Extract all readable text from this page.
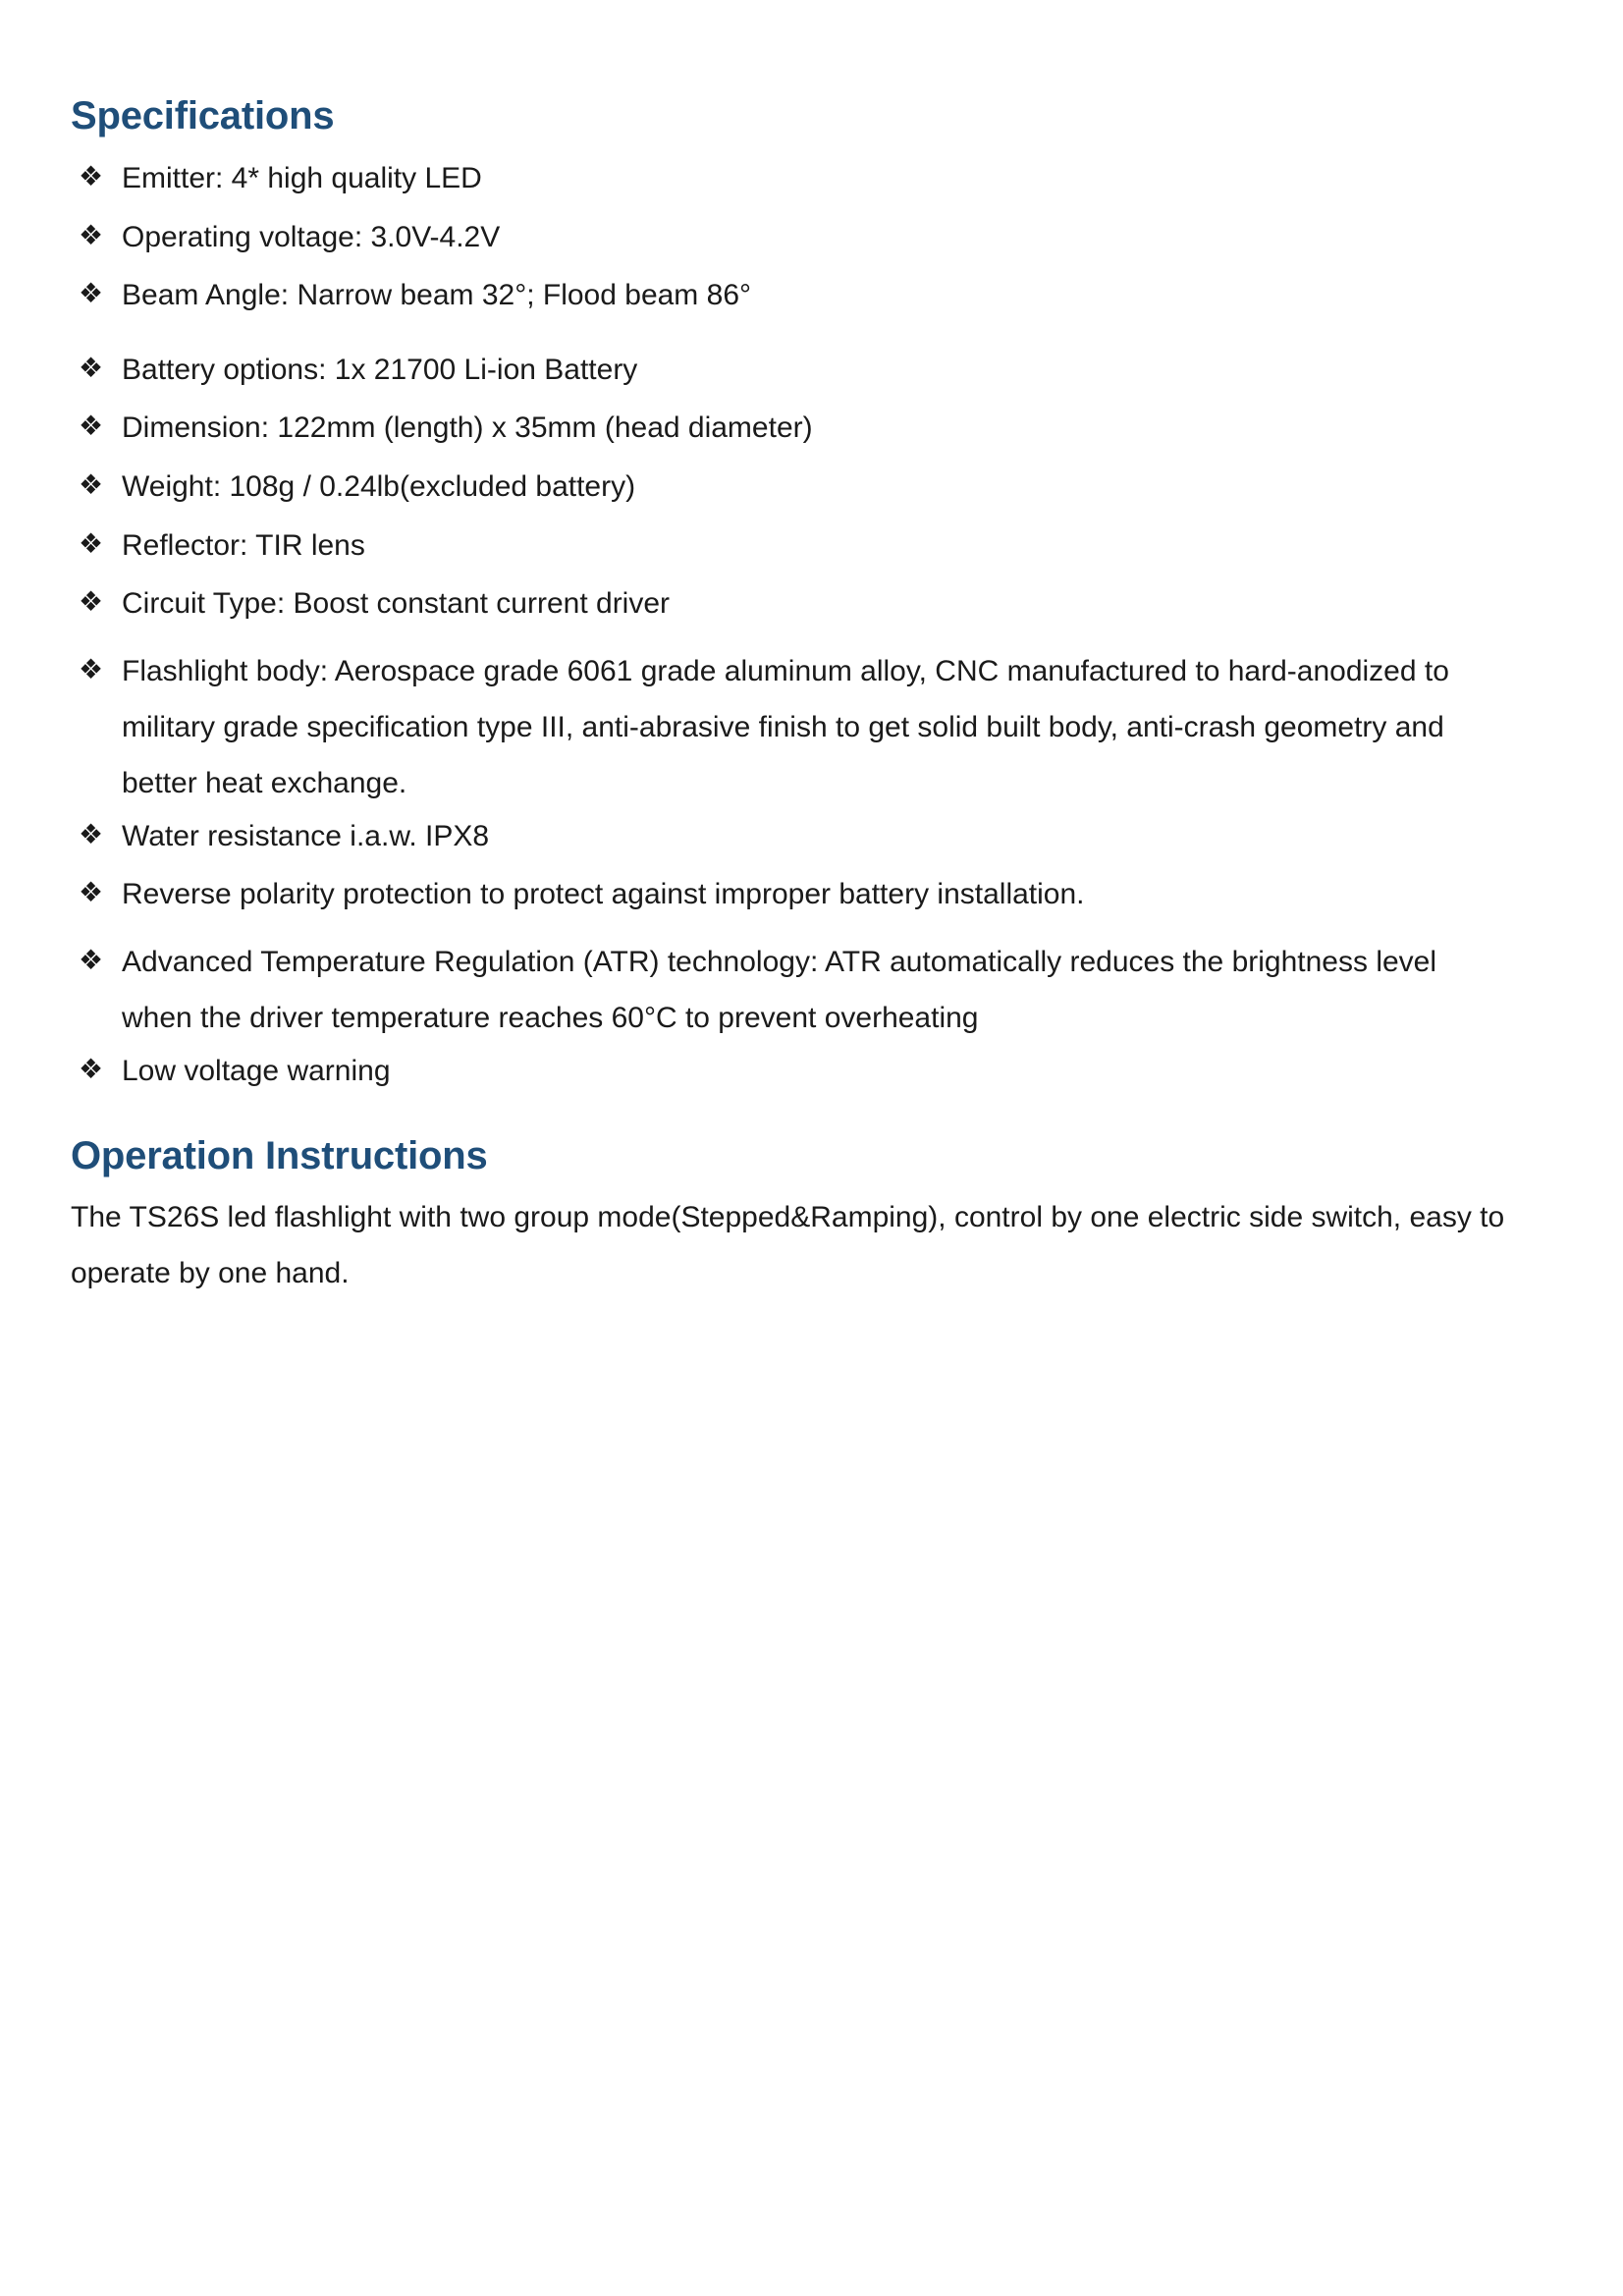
Specifications
❖ Emitter: 4* high quality LED
❖ Operating voltage: 3.0V-4.2V
❖ Beam Angle: Narrow beam 32°; Flood beam 86°
❖ Battery options: 1x 21700 Li-ion Battery
❖ Dimension: 122mm (length) x 35mm (head diameter)
❖ Weight: 108g / 0.24lb(excluded battery)
❖ Reflector: TIR lens
❖ Circuit Type: Boost constant current driver
❖ Flashlight body: Aerospace grade 6061 grade aluminum alloy, CNC manufactured to hard-anodized to military grade specification type III, anti-abrasive finish to get solid built body, anti-crash geometry and better heat exchange.
❖ Water resistance i.a.w. IPX8
❖ Reverse polarity protection to protect against improper battery installation.
❖ Advanced Temperature Regulation (ATR) technology: ATR automatically reduces the brightness level when the driver temperature reaches 60°C to prevent overheating
❖ Low voltage warning
Operation Instructions

The TS26S led flashlight with two group mode(Stepped&Ramping), control by one electric side switch, easy to operate by one hand.
